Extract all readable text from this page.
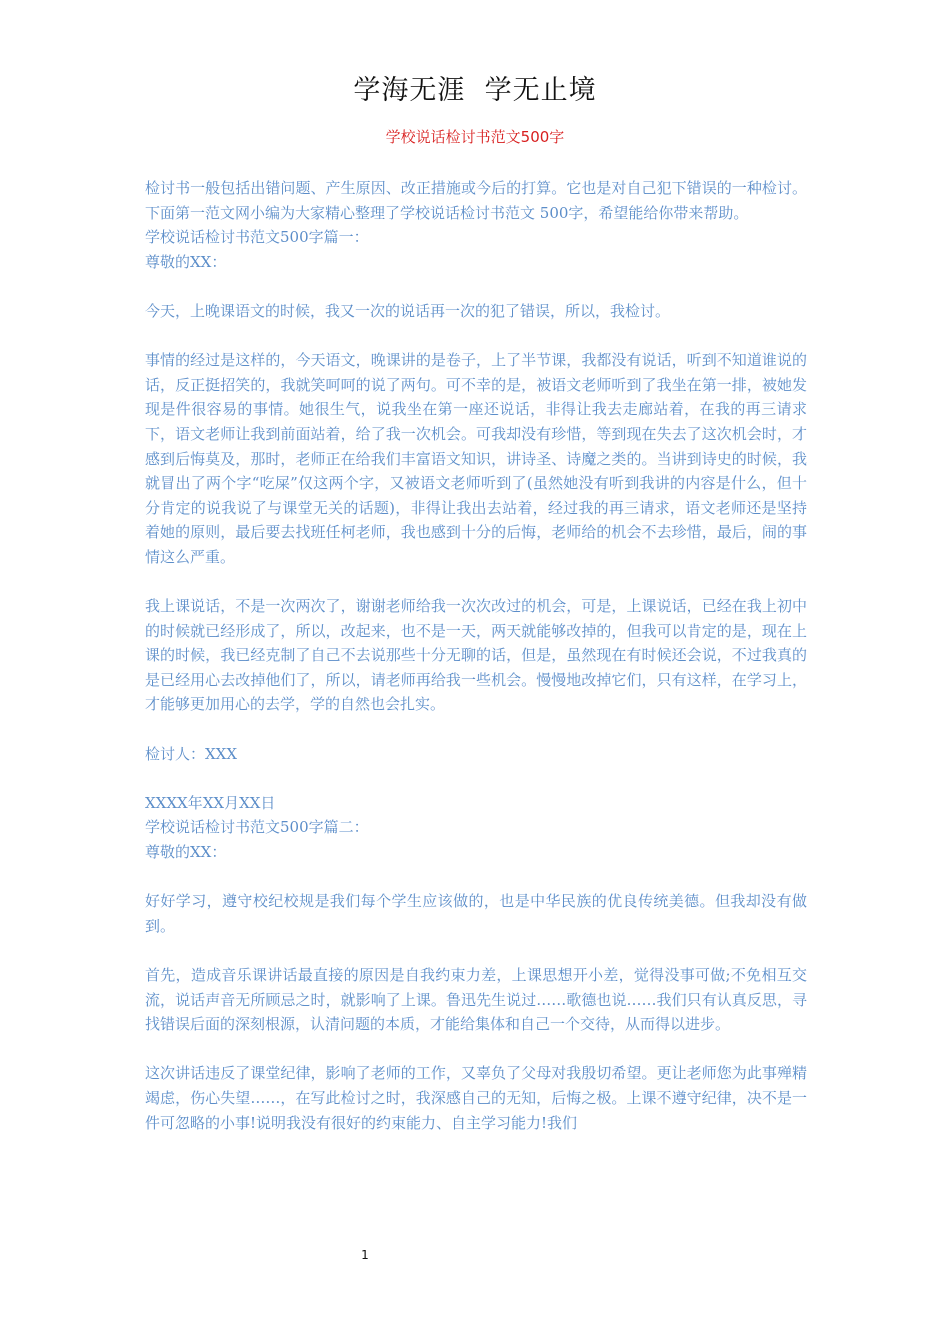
学海无涯  学无止境
学校说话检讨书范文500字

检讨书一般包括出错问题、产生原因、改正措施或今后的打算。它也是对自己犯下错误的一种检讨。下面第一范文网小编为大家精心整理了学校说话检讨书范文 500字，希望能给你带来帮助。

学校说话检讨书范文500字篇一：

尊敬的XX：

今天，上晚课语文的时候，我又一次的说话再一次的犯了错误，所以，我检讨。

事情的经过是这样的，今天语文，晚课讲的是卷子，上了半节课，我都没有说话，听到不知道谁说的话，反正挺招笑的，我就笑呵呵的说了两句。可不幸的是，被语文老师听到了我坐在第一排，被她发现是件很容易的事情。她很生气，说我坐在第一座还说话，非得让我去走廊站着，在我的再三请求下，语文老师让我到前面站着，给了我一次机会。可我却没有珍惜，等到现在失去了这次机会时，才感到后悔莫及，那时，老师正在给我们丰富语文知识，讲诗圣、诗魔之类的。当讲到诗史的时候，我就冒出了两个字“吃屎”仅这两个字，又被语文老师听到了(虽然她没有听到我讲的内容是什么，但十分肯定的说我说了与课堂无关的话题)，非得让我出去站着，经过我的再三请求，语文老师还是坚持着她的原则，最后要去找班任柯老师，我也感到十分的后悔，老师给的机会不去珍惜，最后，闹的事情这么严重。

我上课说话，不是一次两次了，谢谢老师给我一次次改过的机会，可是，上课说话，已经在我上初中的时候就已经形成了，所以，改起来，也不是一天，两天就能够改掉的，但我可以肯定的是，现在上课的时候，我已经克制了自己不去说那些十分无聊的话，但是，虽然现在有时候还会说，不过我真的是已经用心去改掉他们了，所以，请老师再给我一些机会。慢慢地改掉它们，只有这样，在学习上，才能够更加用心的去学，学的自然也会扎实。

检讨人：XXX

XXXX年XX月XX日

学校说话检讨书范文500字篇二：

尊敬的XX：

好好学习，遵守校纪校规是我们每个学生应该做的，也是中华民族的优良传统美德。但我却没有做到。

首先，造成音乐课讲话最直接的原因是自我约束力差，上课思想开小差，觉得没事可做;不免相互交流，说话声音无所顾忌之时，就影响了上课。鲁迅先生说过……歌德也说……我们只有认真反思，寻找错误后面的深刻根源，认清问题的本质，才能给集体和自己一个交待，从而得以进步。

这次讲话违反了课堂纪律，影响了老师的工作，又辜负了父母对我殷切希望。更让老师您为此事殚精竭虑，伤心失望……，在写此检讨之时，我深感自己的无知，后悔之极。上课不遵守纪律，决不是一件可忽略的小事!说明我没有很好的约束能力、自主学习能力!我们

1
